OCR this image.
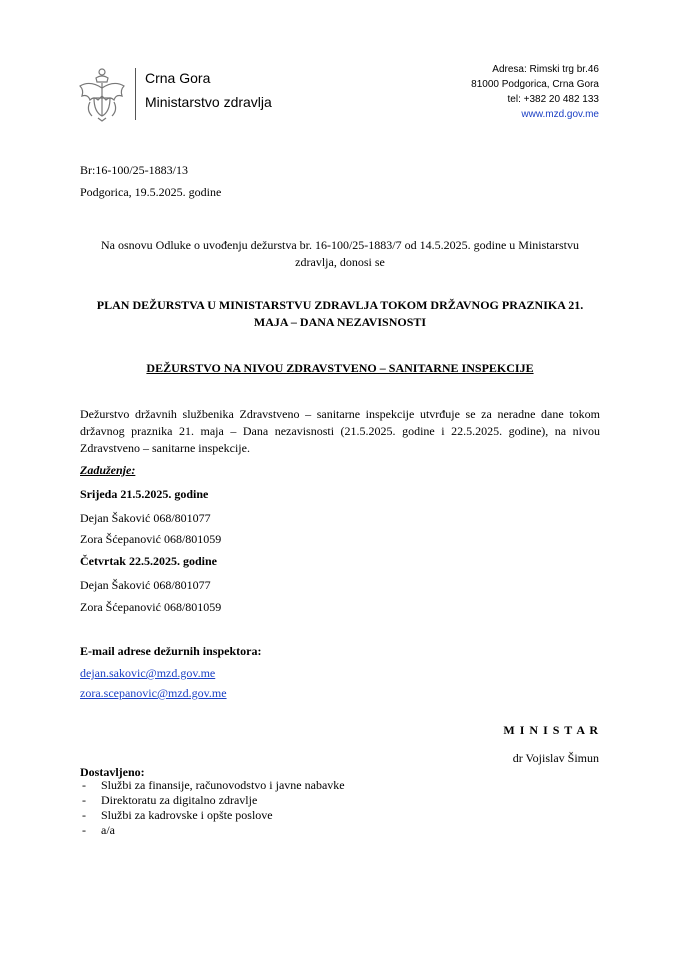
Crna Gora
Ministarstvo zdravlja
Adresa: Rimski trg br.46
81000 Podgorica, Crna Gora
tel: +382 20 482 133
www.mzd.gov.me
Br:16-100/25-1883/13
Podgorica, 19.5.2025. godine
Na osnovu Odluke o uvođenju dežurstva br. 16-100/25-1883/7 od 14.5.2025. godine u Ministarstvu zdravlja, donosi se
PLAN DEŽURSTVA U MINISTARSTVU ZDRAVLJA TOKOM DRŽAVNOG PRAZNIKA 21.
MAJA – DANA NEZAVISNOSTI
DEŽURSTVO NA NIVOU ZDRAVSTVENO – SANITARNE INSPEKCIJE
Dežurstvo državnih službenika Zdravstveno – sanitarne inspekcije utvrđuje se za neradne dane tokom državnog praznika 21. maja – Dana nezavisnosti (21.5.2025. godine i 22.5.2025. godine), na nivou Zdravstveno – sanitarne inspekcije.
Zaduženje:
Srijeda 21.5.2025. godine
Dejan Šaković 068/801077
Zora Šćepanović 068/801059
Četvrtak 22.5.2025. godine
Dejan Šaković 068/801077
Zora Šćepanović 068/801059
E-mail adrese dežurnih inspektora:
dejan.sakovic@mzd.gov.me
zora.scepanovic@mzd.gov.me
M I N I S T A R
dr Vojislav Šimun
Dostavljeno:
- Službi za finansije, računovodstvo i javne nabavke
- Direktoratu za digitalno zdravlje
- Službi za kadrovske i opšte poslove
- a/a
